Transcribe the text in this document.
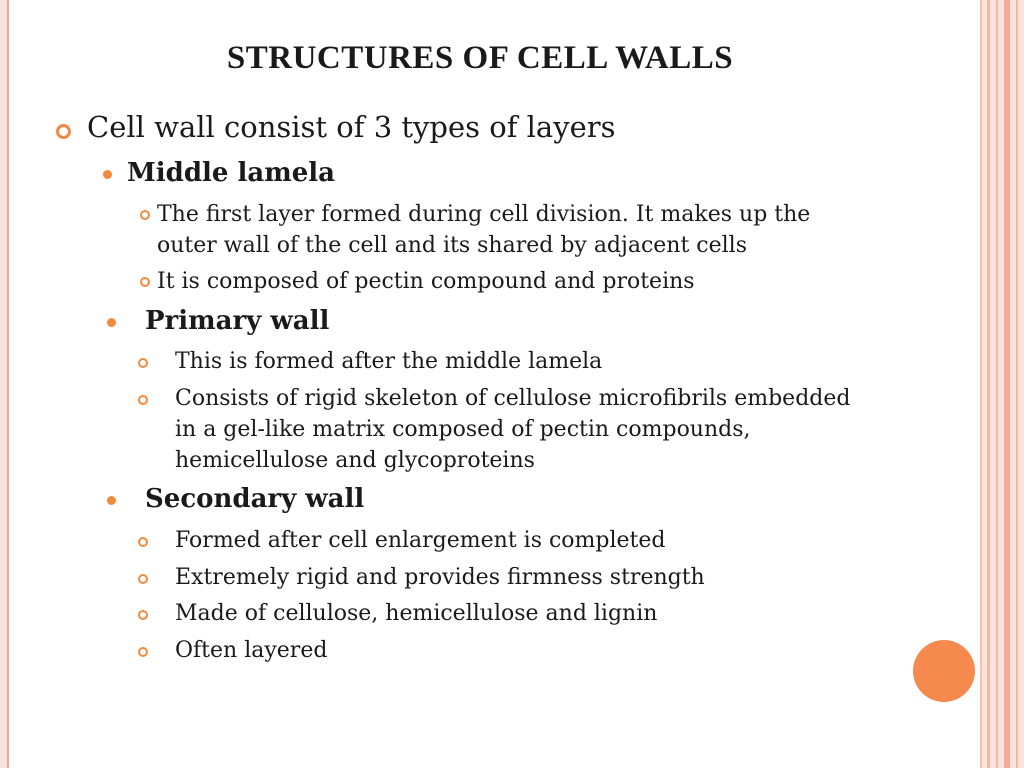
STRUCTURES OF CELL WALLS
Cell wall consist of 3 types of layers
Middle lamela
The first layer formed during cell division. It makes up the
outer wall of the cell and its shared by adjacent cells
It is composed of pectin compound and proteins
Primary wall
This is formed after the middle lamela
Consists of rigid skeleton of cellulose microfibrils embedded
in a gel-like matrix composed of pectin compounds,
hemicellulose and glycoproteins
Secondary wall
Formed after cell enlargement is completed
Extremely rigid and provides firmness strength
Made of cellulose, hemicellulose and lignin
Often layered
